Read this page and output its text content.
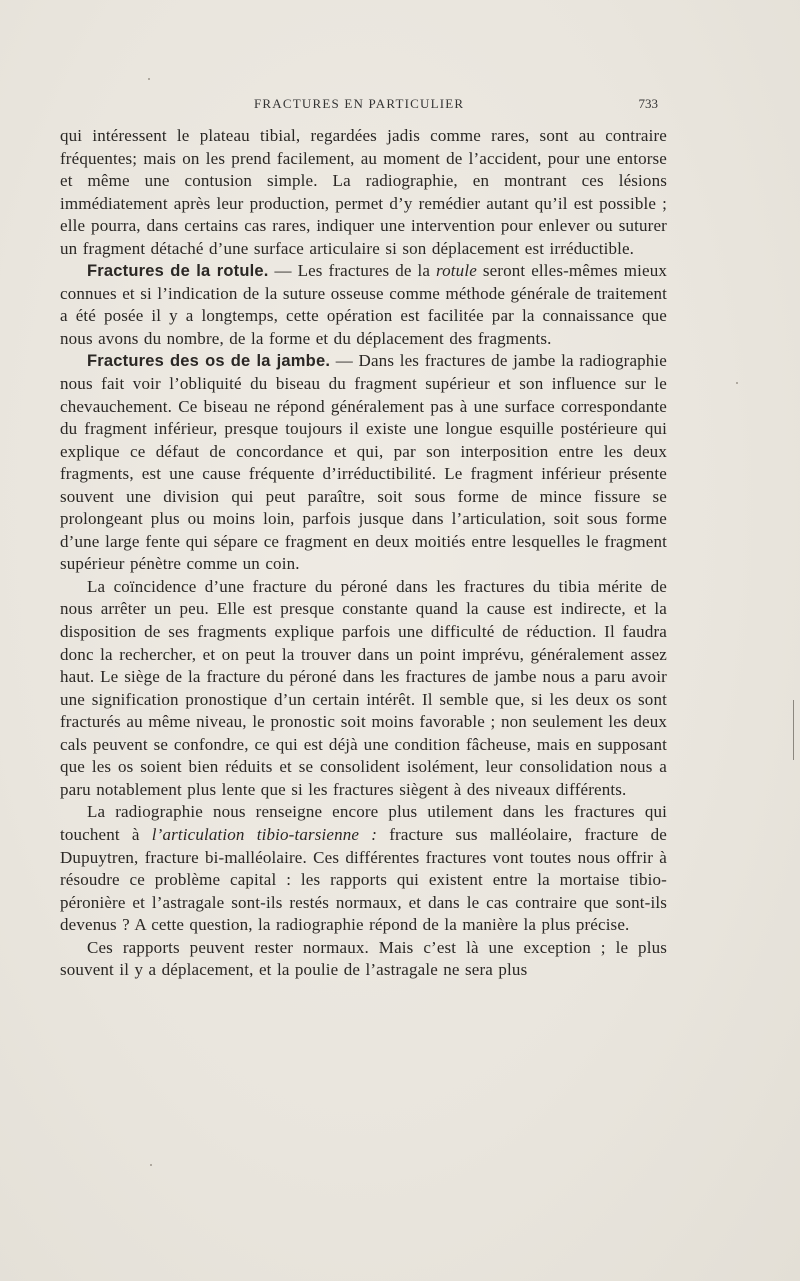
FRACTURES EN PARTICULIER	733

qui intéressent le plateau tibial, regardées jadis comme rares, sont au contraire fréquentes; mais on les prend facilement, au moment de l’accident, pour une entorse et même une contusion simple. La radiographie, en montrant ces lésions immédiatement après leur production, permet d’y remédier autant qu’il est possible ; elle pourra, dans certains cas rares, indiquer une intervention pour enlever ou suturer un fragment détaché d’une surface articulaire si son déplacement est irréductible.

Fractures de la rotule. — Les fractures de la rotule seront elles-mêmes mieux connues et si l’indication de la suture osseuse comme méthode générale de traitement a été posée il y a longtemps, cette opération est facilitée par la connaissance que nous avons du nombre, de la forme et du déplacement des fragments.

Fractures des os de la jambe. — Dans les fractures de jambe la radiographie nous fait voir l’obliquité du biseau du fragment supérieur et son influence sur le chevauchement. Ce biseau ne répond généralement pas à une surface correspondante du fragment inférieur, presque toujours il existe une longue esquille postérieure qui explique ce défaut de concordance et qui, par son interposition entre les deux fragments, est une cause fréquente d’irréductibilité. Le fragment inférieur présente souvent une division qui peut paraître, soit sous forme de mince fissure se prolongeant plus ou moins loin, parfois jusque dans l’articulation, soit sous forme d’une large fente qui sépare ce fragment en deux moitiés entre lesquelles le fragment supérieur pénètre comme un coin.

La coïncidence d’une fracture du péroné dans les fractures du tibia mérite de nous arrêter un peu. Elle est presque constante quand la cause est indirecte, et la disposition de ses fragments explique parfois une difficulté de réduction. Il faudra donc la rechercher, et on peut la trouver dans un point imprévu, généralement assez haut. Le siège de la fracture du péroné dans les fractures de jambe nous a paru avoir une signification pronostique d’un certain intérêt. Il semble que, si les deux os sont fracturés au même niveau, le pronostic soit moins favorable ; non seulement les deux cals peuvent se confondre, ce qui est déjà une condition fâcheuse, mais en supposant que les os soient bien réduits et se consolident isolément, leur consolidation nous a paru notablement plus lente que si les fractures siègent à des niveaux différents.

La radiographie nous renseigne encore plus utilement dans les fractures qui touchent à l’articulation tibio-tarsienne : fracture sus malléolaire, fracture de Dupuytren, fracture bi-malléolaire. Ces différentes fractures vont toutes nous offrir à résoudre ce problème capital : les rapports qui existent entre la mortaise tibio-péronière et l’astragale sont-ils restés normaux, et dans le cas contraire que sont-ils devenus ? A cette question, la radiographie répond de la manière la plus précise.

Ces rapports peuvent rester normaux. Mais c’est là une exception ; le plus souvent il y a déplacement, et la poulie de l’astragale ne sera plus
